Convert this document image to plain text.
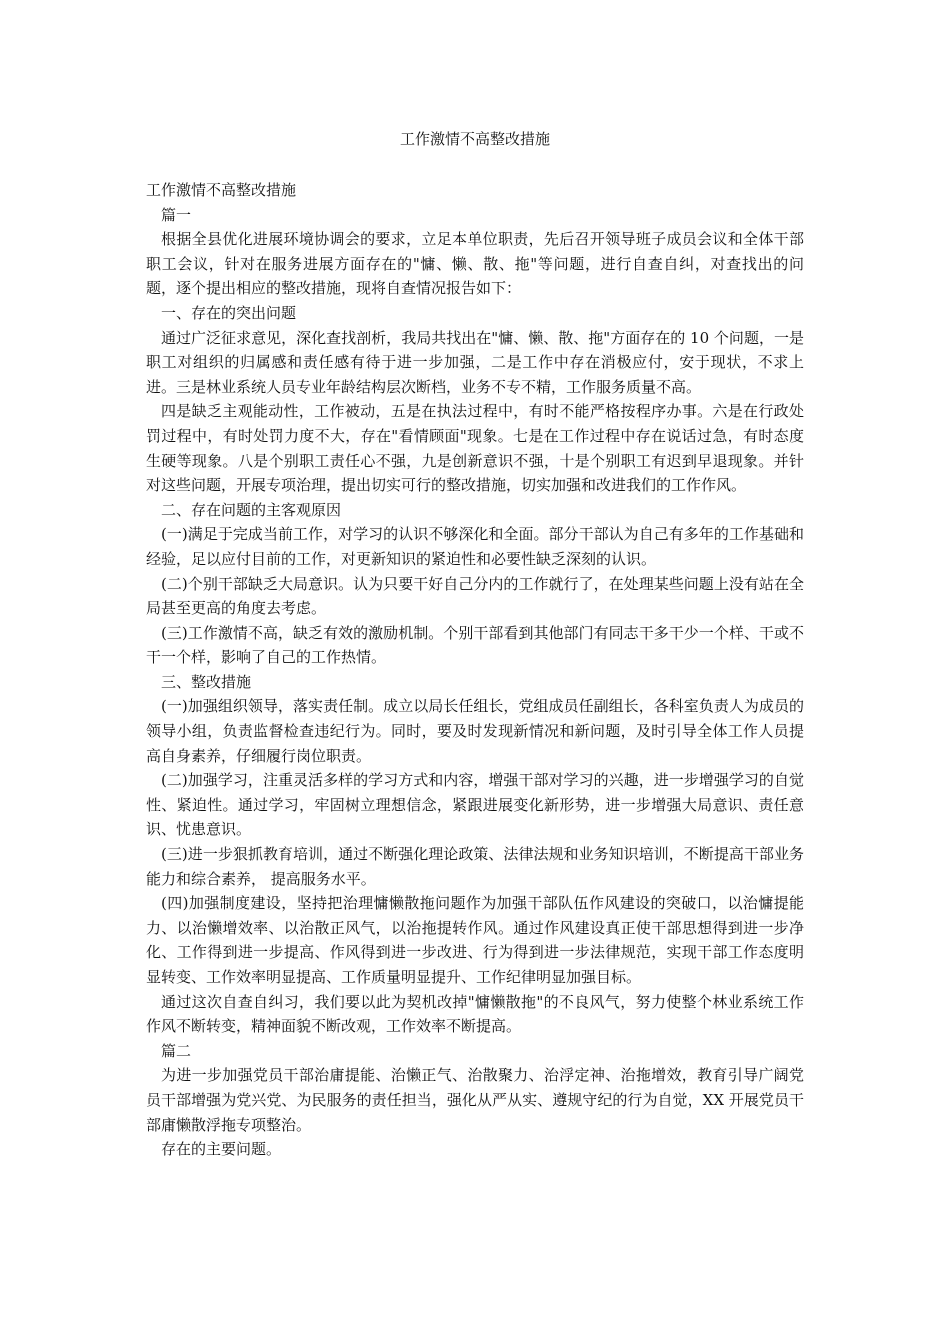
工作激情不高整改措施

工作激情不高整改措施

篇一

根据全县优化进展环境协调会的要求，立足本单位职责，先后召开领导班子成员会议和全体干部职工会议，针对在服务进展方面存在的"慵、懒、散、拖"等问题，进行自查自纠，对查找出的问题，逐个提出相应的整改措施，现将自查情况报告如下：

一、存在的突出问题

通过广泛征求意见，深化查找剖析，我局共找出在"慵、懒、散、拖"方面存在的 10 个问题，一是职工对组织的归属感和责任感有待于进一步加强，二是工作中存在消极应付，安于现状，不求上进。三是林业系统人员专业年龄结构层次断档，业务不专不精，工作服务质量不高。

四是缺乏主观能动性，工作被动，五是在执法过程中，有时不能严格按程序办事。六是在行政处罚过程中，有时处罚力度不大，存在"看情顾面"现象。七是在工作过程中存在说话过急，有时态度生硬等现象。八是个别职工责任心不强，九是创新意识不强，十是个别职工有迟到早退现象。并针对这些问题，开展专项治理，提出切实可行的整改措施，切实加强和改进我们的工作作风。

二、存在问题的主客观原因

(一)满足于完成当前工作，对学习的认识不够深化和全面。部分干部认为自己有多年的工作基础和经验，足以应付目前的工作，对更新知识的紧迫性和必要性缺乏深刻的认识。

(二)个别干部缺乏大局意识。认为只要干好自己分内的工作就行了，在处理某些问题上没有站在全局甚至更高的角度去考虑。

(三)工作激情不高，缺乏有效的激励机制。个别干部看到其他部门有同志干多干少一个样、干或不干一个样，影响了自己的工作热情。

三、整改措施

(一)加强组织领导，落实责任制。成立以局长任组长，党组成员任副组长，各科室负责人为成员的领导小组，负责监督检查违纪行为。同时，要及时发现新情况和新问题，及时引导全体工作人员提高自身素养，仔细履行岗位职责。

(二)加强学习，注重灵活多样的学习方式和内容，增强干部对学习的兴趣，进一步增强学习的自觉性、紧迫性。通过学习，牢固树立理想信念，紧跟进展变化新形势，进一步增强大局意识、责任意识、忧患意识。

(三)进一步狠抓教育培训，通过不断强化理论政策、法律法规和业务知识培训，不断提高干部业务能力和综合素养， 提高服务水平。

(四)加强制度建设，坚持把治理慵懒散拖问题作为加强干部队伍作风建设的突破口，以治慵提能力、以治懒增效率、以治散正风气，以治拖提转作风。通过作风建设真正使干部思想得到进一步净化、工作得到进一步提高、作风得到进一步改进、行为得到进一步法律规范，实现干部工作态度明显转变、工作效率明显提高、工作质量明显提升、工作纪律明显加强目标。

通过这次自查自纠习，我们要以此为契机改掉"慵懒散拖"的不良风气，努力使整个林业系统工作作风不断转变，精神面貌不断改观，工作效率不断提高。

篇二

为进一步加强党员干部治庸提能、治懒正气、治散聚力、治浮定神、治拖增效，教育引导广阔党员干部增强为党兴党、为民服务的责任担当，强化从严从实、遵规守纪的行为自觉，XX 开展党员干部庸懒散浮拖专项整治。

存在的主要问题。
